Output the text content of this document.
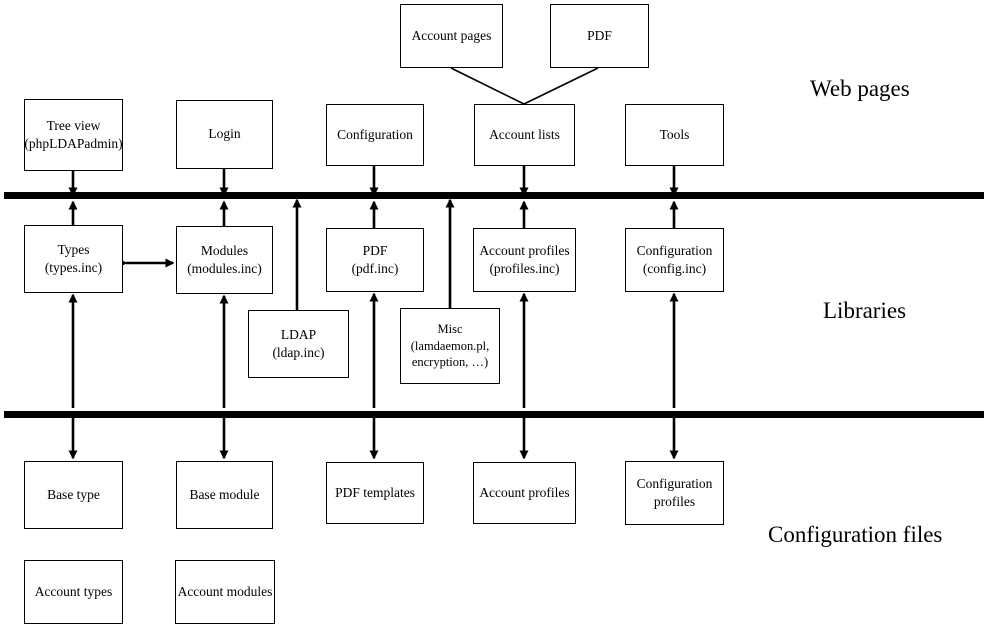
Account pages	PDF
Tree view
(phpLDAPadmin)
Login	Configuration	Account lists	Tools
Types
(types.inc)
Modules
(modules.inc)
PDF
(pdf.inc)
Account profiles
(profiles.inc)
Configuration
(config.inc)
LDAP
(ldap.inc)
Misc
(lamdaemon.pl, encryption, …)
Base type	Base module	PDF templates	Account profiles
Configuration
profiles
Account types	Account modules
Web pages
Libraries
Configuration files
